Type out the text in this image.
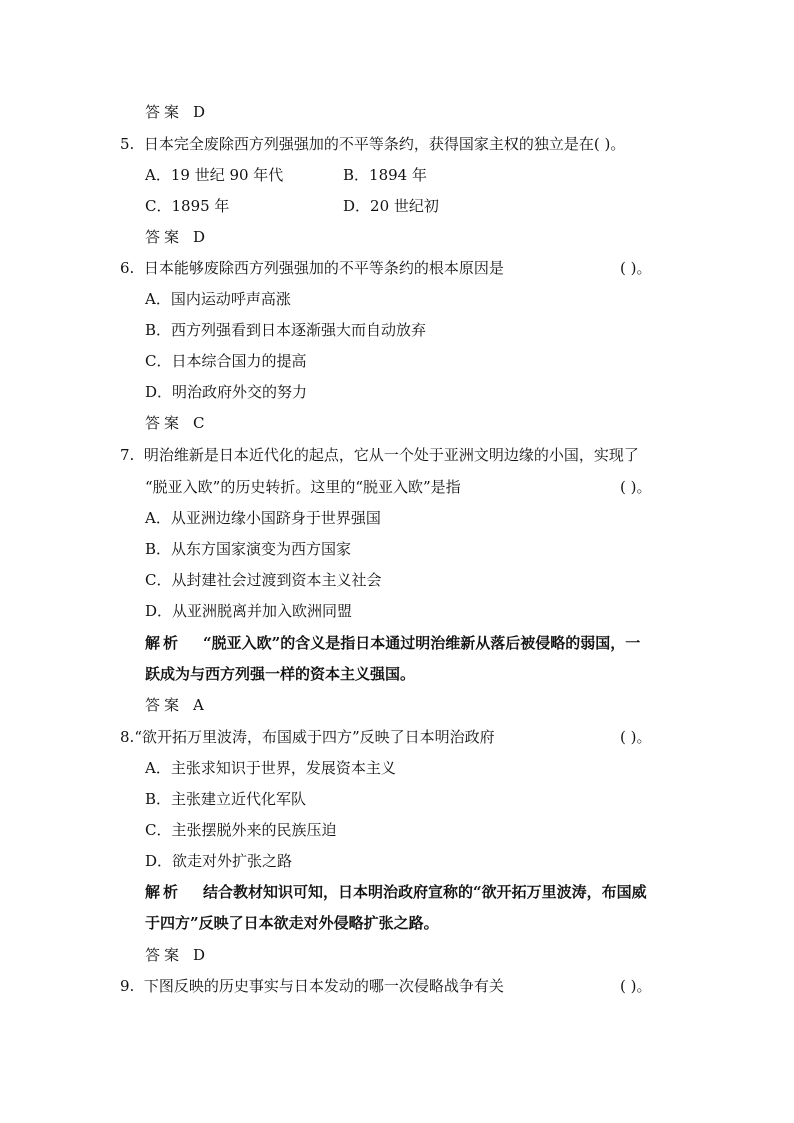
答案 D
5. 日本完全废除西方列强强加的不平等条约，获得国家主权的独立是在( )。
A．19 世纪 90 年代	B．1894 年
C．1895 年	D．20 世纪初
答案 D
6. 日本能够废除西方列强强加的不平等条约的根本原因是	( )。
A．国内运动呼声高涨
B．西方列强看到日本逐渐强大而自动放弃
C．日本综合国力的提高
D．明治政府外交的努力
答案 C
7. 明治维新是日本近代化的起点，它从一个处于亚洲文明边缘的小国，实现了
“脱亚入欧”的历史转折。这里的“脱亚入欧”是指	( )。
A．从亚洲边缘小国跻身于世界强国
B．从东方国家演变为西方国家
C．从封建社会过渡到资本主义社会
D．从亚洲脱离并加入欧洲同盟
解析 “脱亚入欧”的含义是指日本通过明治维新从落后被侵略的弱国，一
跃成为与西方列强一样的资本主义强国。
答案 A
8.“欲开拓万里波涛，布国威于四方”反映了日本明治政府	( )。
A．主张求知识于世界，发展资本主义
B．主张建立近代化军队
C．主张摆脱外来的民族压迫
D．欲走对外扩张之路
解析 结合教材知识可知，日本明治政府宣称的“欲开拓万里波涛，布国威
于四方”反映了日本欲走对外侵略扩张之路。
答案 D
9. 下图反映的历史事实与日本发动的哪一次侵略战争有关	( )。
